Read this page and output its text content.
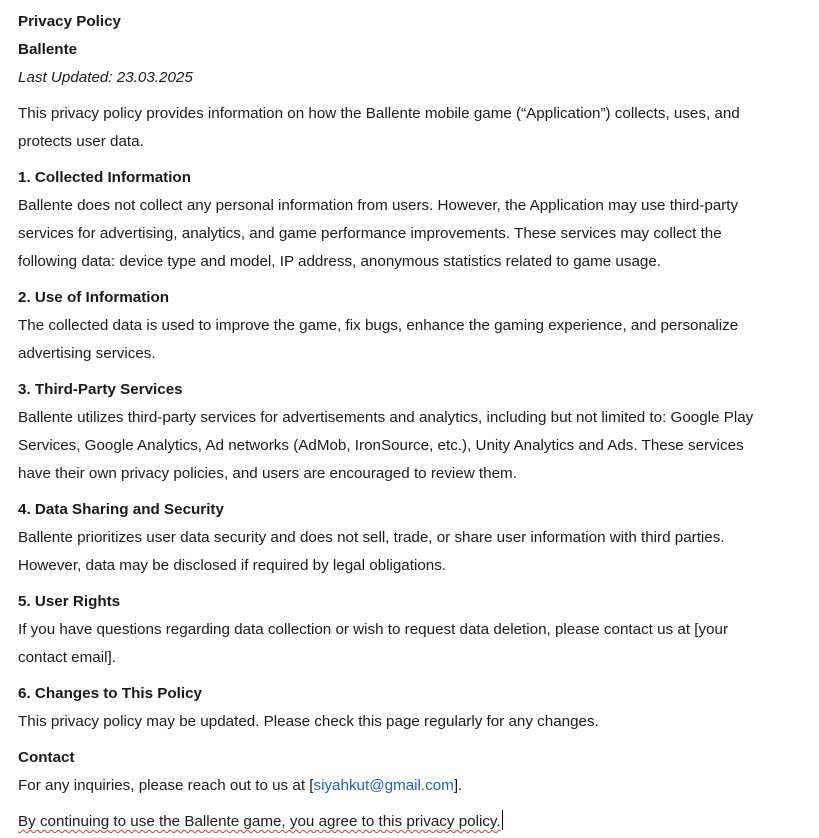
Privacy Policy
Ballente
Last Updated: 23.03.2025
This privacy policy provides information on how the Ballente mobile game (“Application”) collects, uses, and
protects user data.
1. Collected Information
Ballente does not collect any personal information from users. However, the Application may use third-party
services for advertising, analytics, and game performance improvements. These services may collect the
following data: device type and model, IP address, anonymous statistics related to game usage.
2. Use of Information
The collected data is used to improve the game, fix bugs, enhance the gaming experience, and personalize
advertising services.
3. Third-Party Services
Ballente utilizes third-party services for advertisements and analytics, including but not limited to: Google Play
Services, Google Analytics, Ad networks (AdMob, IronSource, etc.), Unity Analytics and Ads. These services
have their own privacy policies, and users are encouraged to review them.
4. Data Sharing and Security
Ballente prioritizes user data security and does not sell, trade, or share user information with third parties.
However, data may be disclosed if required by legal obligations.
5. User Rights
If you have questions regarding data collection or wish to request data deletion, please contact us at [your
contact email].
6. Changes to This Policy
This privacy policy may be updated. Please check this page regularly for any changes.
Contact
For any inquiries, please reach out to us at [siyahkut@gmail.com].
By continuing to use the Ballente game, you agree to this privacy policy.
